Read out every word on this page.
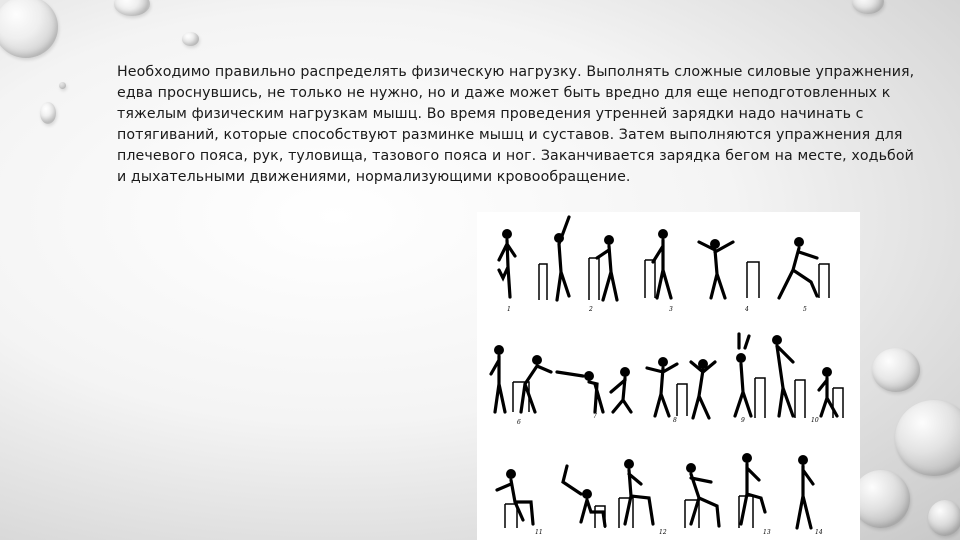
Необходимо правильно распределять физическую нагрузку. Выполнять сложные силовые упражнения, едва проснувшись, не только не нужно, но и даже может быть вредно для еще неподготовленных к тяжелым физическим нагрузкам мышц. Во время проведения утренней зарядки надо начинать с потягиваний, которые способствуют разминке мышц и суставов. Затем выполняются упражнения для плечевого пояса, рук, туловища, тазового пояса и ног. Заканчивается зарядка бегом на месте, ходьбой и дыхательными движениями, нормализующими кровообращение.
1	2	3	4	5
6
7
8	9	10
11	12	13	14
